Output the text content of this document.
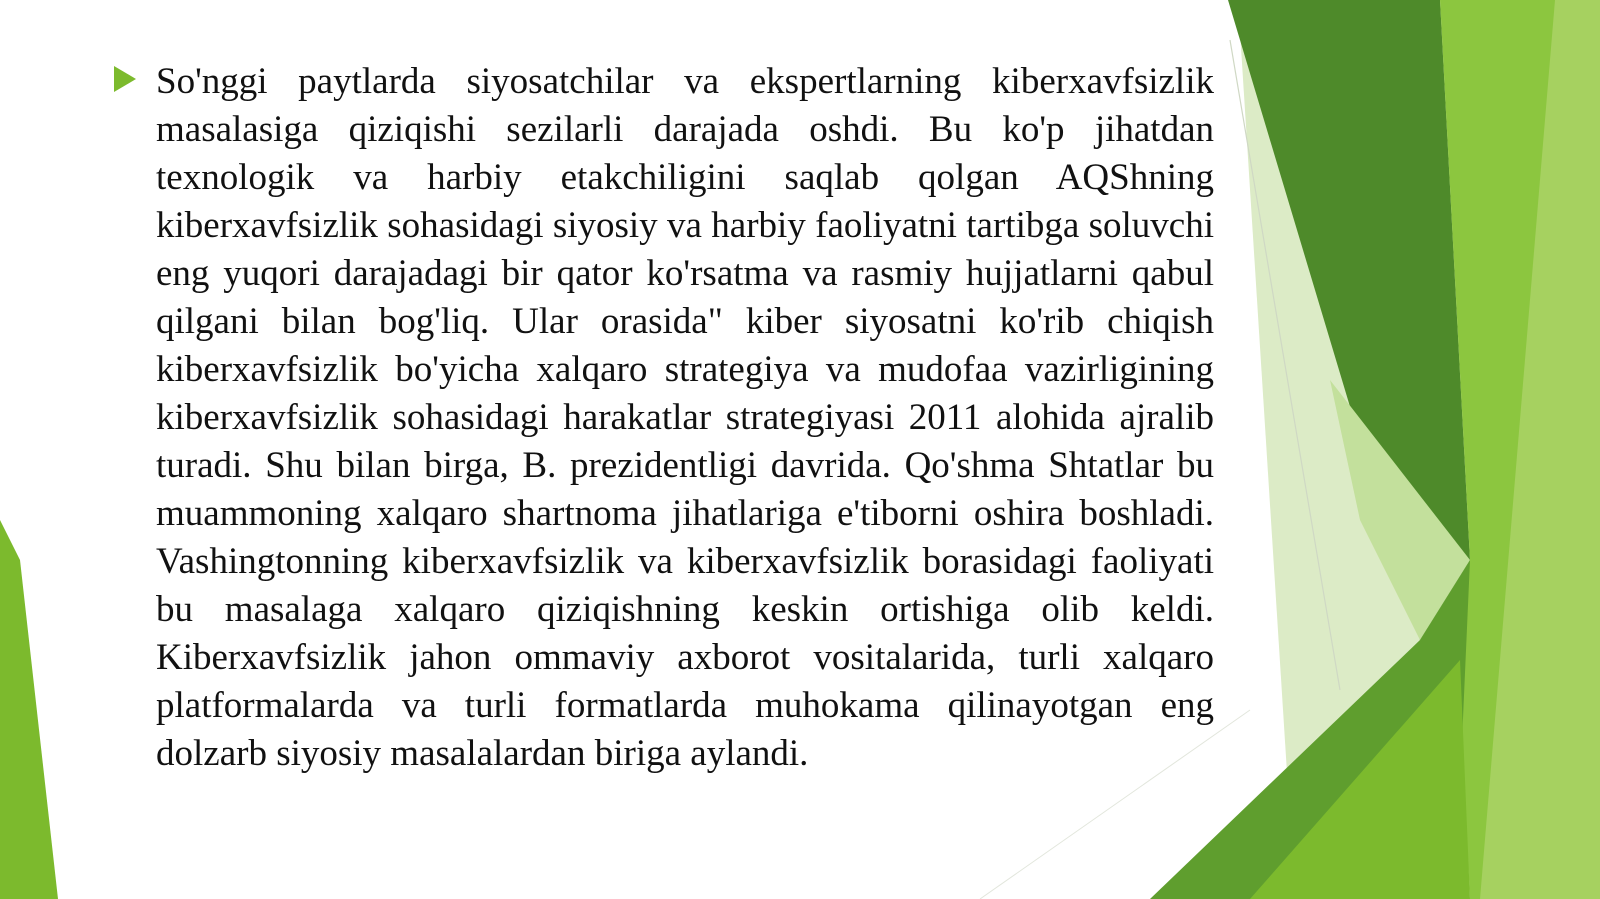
So'nggi paytlarda siyosatchilar va ekspertlarning kiberxavfsizlik masalasiga qiziqishi sezilarli darajada oshdi. Bu ko'p jihatdan texnologik va harbiy etakchiligini saqlab qolgan AQShning kiberxavfsizlik sohasidagi siyosiy va harbiy faoliyatni tartibga soluvchi eng yuqori darajadagi bir qator ko'rsatma va rasmiy hujjatlarni qabul qilgani bilan bog'liq. Ular orasida" kiber siyosatni ko'rib chiqish kiberxavfsizlik bo'yicha xalqaro strategiya va mudofaa vazirligining kiberxavfsizlik sohasidagi harakatlar strategiyasi 2011 alohida ajralib turadi. Shu bilan birga, B. prezidentligi davrida. Qo'shma Shtatlar bu muammoning xalqaro shartnoma jihatlariga e'tiborni oshira boshladi. Vashingtonning kiberxavfsizlik va kiberxavfsizlik borasidagi faoliyati bu masalaga xalqaro qiziqishning keskin ortishiga olib keldi. Kiberxavfsizlik jahon ommaviy axborot vositalarida, turli xalqaro platformalarda va turli formatlarda muhokama qilinayotgan eng dolzarb siyosiy masalalardan biriga aylandi.
